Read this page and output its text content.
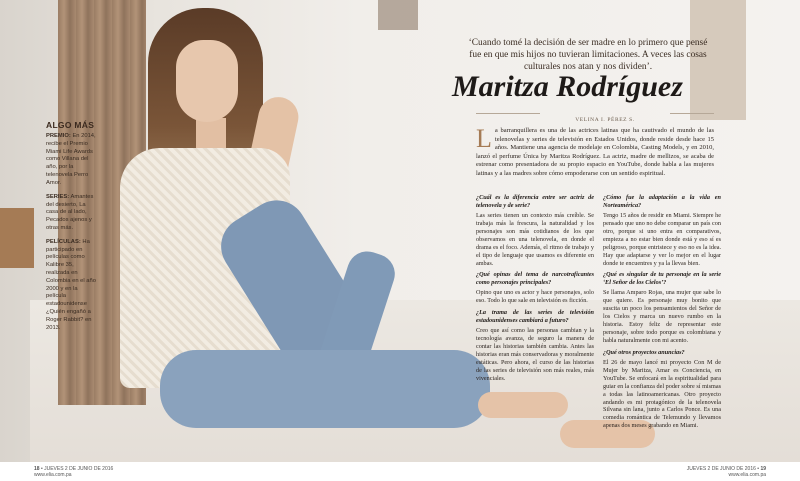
ALGO MÁS

PREMIO: En 2014, recibe el Premio Miami Life Awards como Villana del año, por la telenovela Perro Amor.

SERIES: Amantes del desierto, La casa de al lado, Pecados ajenos y otras más.

PELÍCULAS: Ha participado en películas como Kalibre 35, realizada en Colombia en el año 2000 y en la película estadounidense ¿Quién engañó a Roger Rabbit? en 2013.

‘Cuando tomé la decisión de ser madre en lo primero que pensé fue en que mis hijos no tuvieran limitaciones. A veces las cosas culturales nos atan y nos dividen’.
Maritza Rodríguez
VELINA I. PÉREZ S.
La barranquillera es una de las actrices latinas que ha cautivado el mundo de las telenovelas y series de televisión en Estados Unidos, donde reside desde hace 15 años. Mantiene una agencia de modelaje en Colombia, Casting Models, y en 2010, lanzó el perfume Única by Maritza Rodríguez. La actriz, madre de mellizos, se acaba de estrenar como presentadora de su propio espacio en YouTube, donde habla a las mujeres latinas y a las madres sobre cómo empoderarse con un sentido espiritual.

¿Cuál es la diferencia entre ser actriz de telenovela y de serie?

Las series tienen un contexto más creíble. Se trabaja más la frescura, la naturalidad y los personajes son más cotidianos de los que observamos en una telenovela, en donde el drama es el foco. Además, el ritmo de trabajo y el tipo de lenguaje que usamos es diferente en ambas.

¿Qué opinas del tema de narcotraficantes como personajes principales?

Opino que uno es actor y hace personajes, solo eso. Todo lo que sale en televisión es ficción.

¿La trama de las series de televisión estadounidenses cambiará a futuro?

Creo que así como las personas cambian y la tecnología avanza, de seguro la manera de contar las historias también cambia. Antes las historias eran más conservadoras y moralmente estáticas. Pero ahora, el curso de las historias de las series de televisión son más reales, más vivenciales.

¿Cómo fue la adaptación a la vida en Norteamérica?

Tengo 15 años de residir en Miami. Siempre he pensado que uno no debe comparar un país con otro, porque si uno entra en comparativos, empieza a no estar bien donde está y eso sí es peligroso, porque entristece y eso no es la idea. Hay que adaptarse y ver lo mejor en el lugar donde te encuentres y ya la llevas bien.

¿Qué es singular de tu personaje en la serie ‘El Señor de los Cielos’?

Se llama Amparo Rojas, una mujer que sabe lo que quiere. Es personaje muy bonito que suscita un poco los pensamientos del Señor de los Cielos y marca un nuevo rumbo en la historia. Estoy feliz de representar este personaje, sobre todo porque es colombiana y habla naturalmente con mi acento.

¿Qué otros proyectos anuncias?

El 26 de mayo lancé mi proyecto Con M de Mujer by Maritza, Amar es Conciencia, en YouTube. Se enfocará en la espiritualidad para guiar en la confianza del poder sobre sí mismas a todas las latinoamericanas. Otro proyecto andando es mi protagónico de la telenovela Silvana sin lana, junto a Carlos Ponce. Es una comedia romántica de Telemundo y llevamos apenas dos meses grabando en Miami.

18 • JUEVES 2 DE JUNIO DE 2016
www.elia.com.pa
JUEVES 2 DE JUNIO DE 2016 • 19
www.elia.com.pa
